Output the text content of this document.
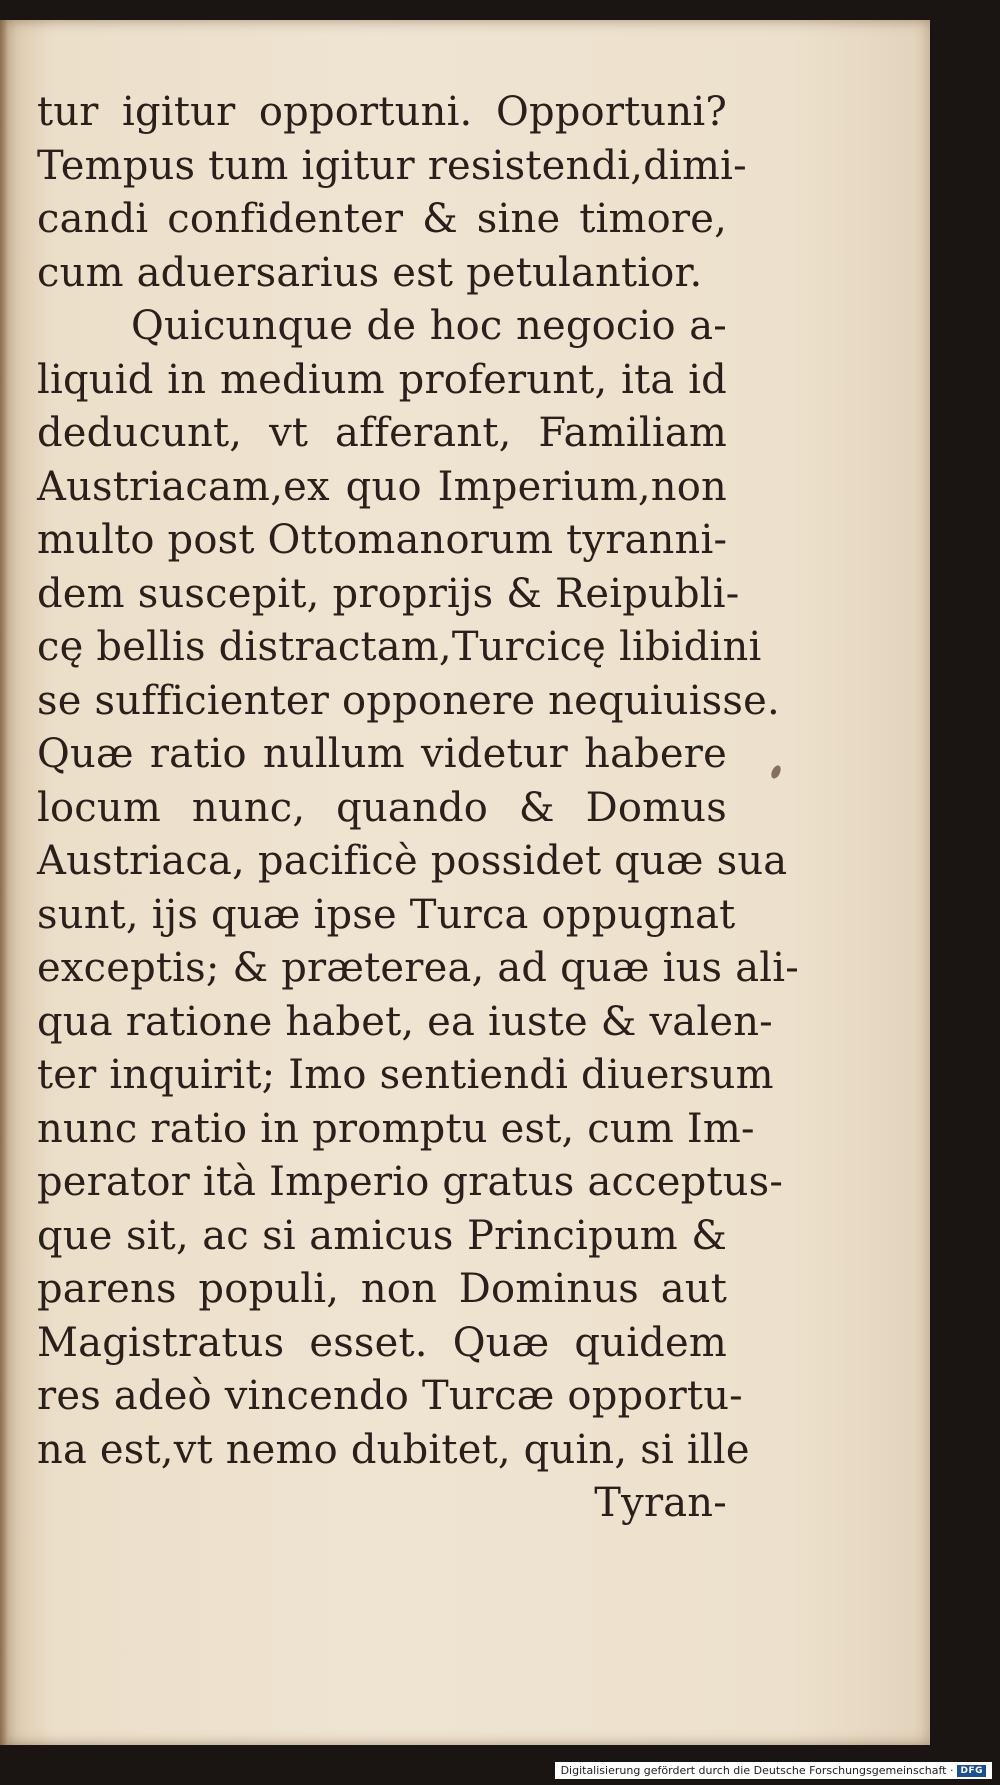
tur igitur opportuni. Opportuni?
Tempus tum igitur resistendi,dimi-
candi confidenter & sine timore,
cum aduersarius est petulantior.
Quicunque de hoc negocio a-
liquid in medium proferunt, ita id
deducunt, vt afferant, Familiam
Austriacam,ex quo Imperium,non
multo post Ottomanorum tyranni-
dem suscepit, proprijs & Reipubli-
cę bellis distractam,Turcicę libidini
se sufficienter opponere nequiuisse.
Quæ ratio nullum videtur habere
locum nunc, quando & Domus
Austriaca, pacificè possidet quæ sua
sunt, ijs quæ ipse Turca oppugnat
exceptis; & præterea, ad quæ ius ali-
qua ratione habet, ea iuste & valen-
ter inquirit; Imo sentiendi diuersum
nunc ratio in promptu est, cum Im-
perator ità Imperio gratus acceptus-
que sit, ac si amicus Principum &
parens populi, non Dominus aut
Magistratus esset. Quæ quidem
res adeò vincendo Turcæ opportu-
na est,vt nemo dubitet, quin, si ille
Tyran-
Digitalisierung gefördert durch die Deutsche Forschungsgemeinschaft · DFG
